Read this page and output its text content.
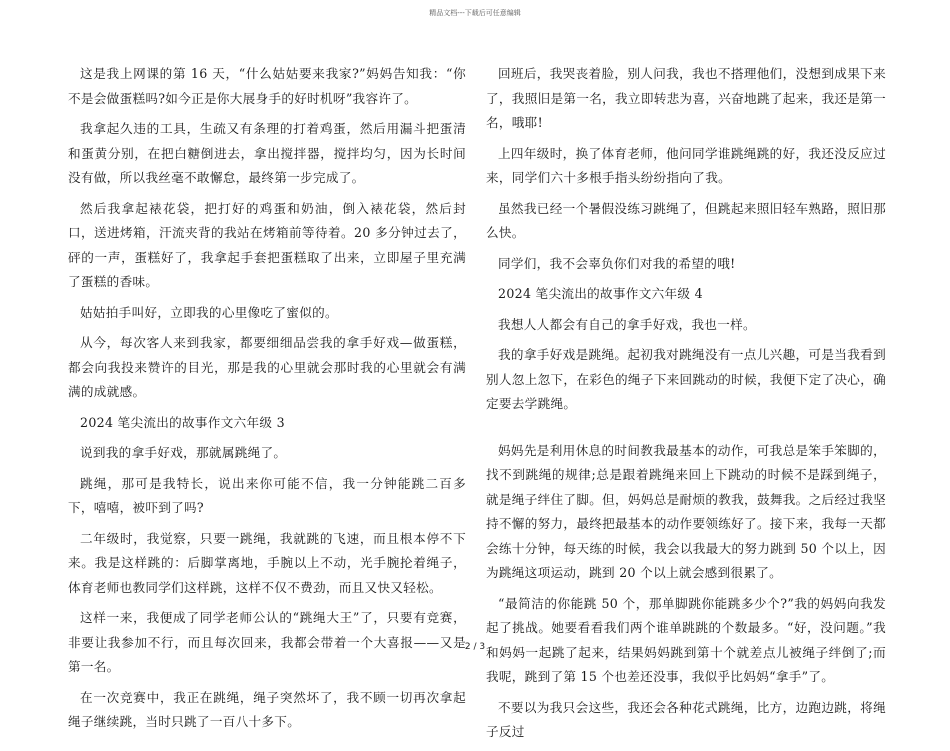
精品文档---下载后可任意编辑

这是我上网课的第 16 天，“什么姑姑要来我家?”妈妈告知我：“你不是会做蛋糕吗?如今正是你大展身手的好时机呀”我容许了。

我拿起久违的工具，生疏又有条理的打着鸡蛋，然后用漏斗把蛋清和蛋黄分别，在把白糖倒进去，拿出搅拌器，搅拌均匀，因为长时间没有做，所以我丝毫不敢懈怠，最终第一步完成了。

然后我拿起裱花袋，把打好的鸡蛋和奶油，倒入裱花袋，然后封口，送进烤箱，汗流夹背的我站在烤箱前等待着。20 多分钟过去了，砰的一声，蛋糕好了，我拿起手套把蛋糕取了出来，立即屋子里充满了蛋糕的香味。

姑姑拍手叫好，立即我的心里像吃了蜜似的。

从今，每次客人来到我家，都要细细品尝我的拿手好戏—做蛋糕，都会向我投来赞许的目光，那是我的心里就会那时我的心里就会有满满的成就感。

2024 笔尖流出的故事作文六年级 3

说到我的拿手好戏，那就属跳绳了。

跳绳，那可是我特长，说出来你可能不信，我一分钟能跳二百多下，嘻嘻，被吓到了吗?

二年级时，我觉察，只要一跳绳，我就跳的飞速，而且根本停不下来。我是这样跳的：后脚掌离地，手腕以上不动，光手腕抡着绳子，体育老师也教同学们这样跳，这样不仅不费劲，而且又快又轻松。

这样一来，我便成了同学老师公认的“跳绳大王”了，只要有竞赛，非要让我参加不行，而且每次回来，我都会带着一个大喜报——又是第一名。

在一次竞赛中，我正在跳绳，绳子突然坏了，我不顾一切再次拿起绳子继续跳，当时只跳了一百八十多下。

回班后，我哭丧着脸，别人问我，我也不搭理他们，没想到成果下来了，我照旧是第一名，我立即转悲为喜，兴奋地跳了起来，我还是第一名，哦耶!

上四年级时，换了体育老师，他问同学谁跳绳跳的好，我还没反应过来，同学们六十多根手指头纷纷指向了我。

虽然我已经一个暑假没练习跳绳了，但跳起来照旧轻车熟路，照旧那么快。

同学们，我不会辜负你们对我的希望的哦!

2024 笔尖流出的故事作文六年级 4

我想人人都会有自己的拿手好戏，我也一样。

我的拿手好戏是跳绳。起初我对跳绳没有一点儿兴趣，可是当我看到别人忽上忽下，在彩色的绳子下来回跳动的时候，我便下定了决心，确定要去学跳绳。

妈妈先是利用休息的时间教我最基本的动作，可我总是笨手笨脚的，找不到跳绳的规律;总是跟着跳绳来回上下跳动的时候不是踩到绳子，就是绳子绊住了脚。但，妈妈总是耐烦的教我，鼓舞我。之后经过我坚持不懈的努力，最终把最基本的动作要领练好了。接下来，我每一天都会练十分钟，每天练的时候，我会以我最大的努力跳到 50 个以上，因为跳绳这项运动，跳到 20 个以上就会感到很累了。

“最简洁的你能跳 50 个，那单脚跳你能跳多少个?”我的妈妈向我发起了挑战。她要看看我们两个谁单跳跳的个数最多。“好，没问题。”我和妈妈一起跳了起来，结果妈妈跳到第十个就差点儿被绳子绊倒了;而我呢，跳到了第 15 个也差还没事，我似乎比妈妈“拿手”了。

不要以为我只会这些，我还会各种花式跳绳，比方，边跑边跳，将绳子反过

2 / 3
